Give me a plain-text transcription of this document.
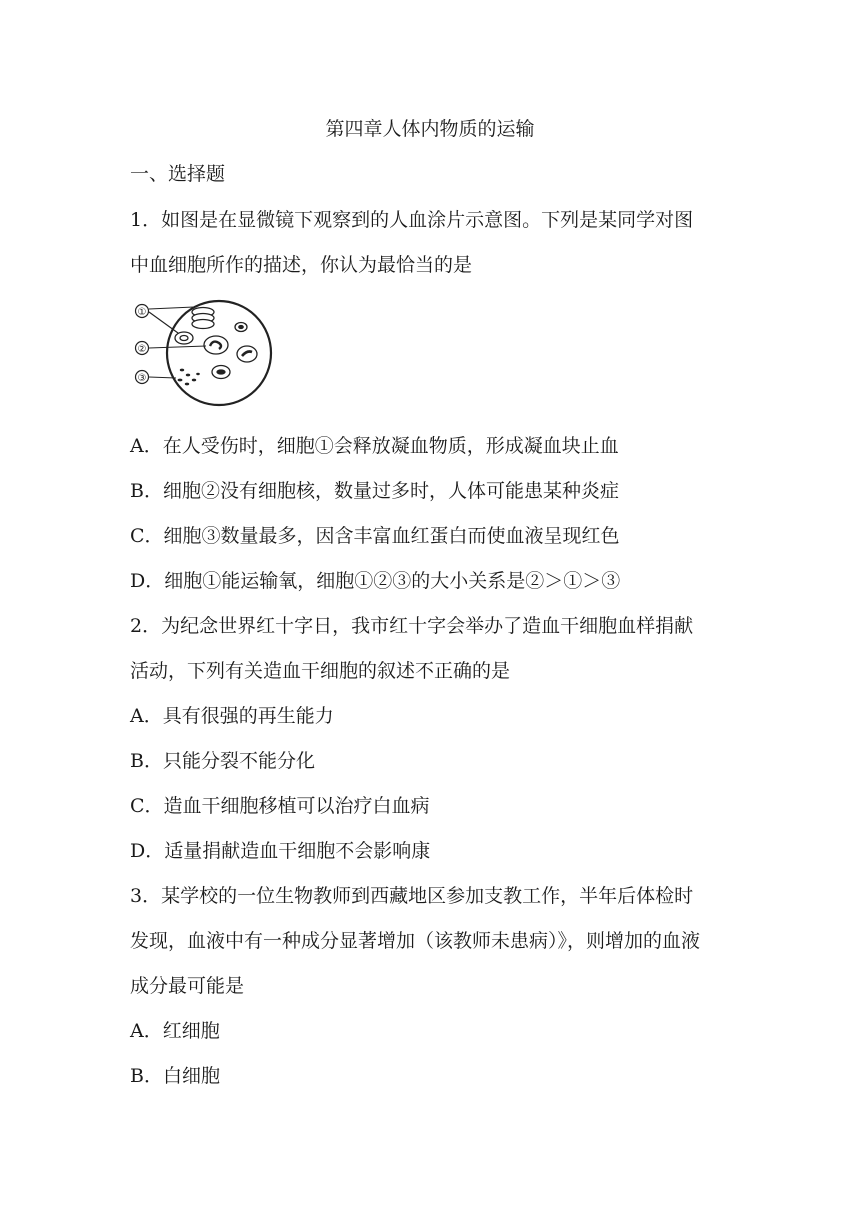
第四章人体内物质的运输
一、选择题
1．如图是在显微镜下观察到的人血涂片示意图。下列是某同学对图
中血细胞所作的描述，你认为最恰当的是
①
②
③
A．在人受伤时，细胞①会释放凝血物质，形成凝血块止血
B．细胞②没有细胞核，数量过多时，人体可能患某种炎症
C．细胞③数量最多，因含丰富血红蛋白而使血液呈现红色
D．细胞①能运输氧，细胞①②③的大小关系是②＞①＞③
2．为纪念世界红十字日，我市红十字会举办了造血干细胞血样捐献
活动，下列有关造血干细胞的叙述不正确的是
A．具有很强的再生能力
B．只能分裂不能分化
C．造血干细胞移植可以治疗白血病
D．适量捐献造血干细胞不会影响康
3．某学校的一位生物教师到西藏地区参加支教工作，半年后体检时
发现，血液中有一种成分显著增加（该教师未患病）》，则增加的血液
成分最可能是
A．红细胞
B．白细胞
